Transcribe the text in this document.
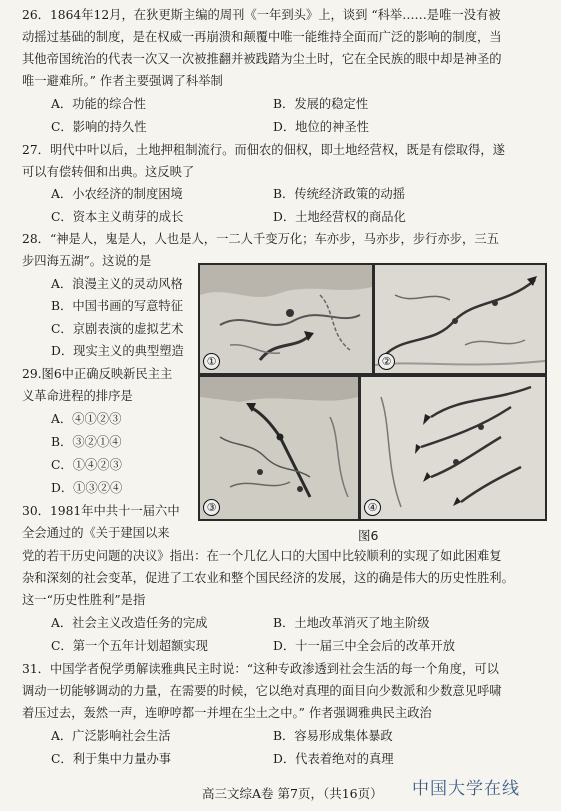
26．1864年12月，在狄更斯主编的周刊《一年到头》上，谈到 “科举……是唯一没有被
动摇过基础的制度，是在权威一再崩溃和颠覆中唯一能维持全面而广泛的影响的制度，当
其他帝国统治的代表一次又一次被推翻并被践踏为尘土时，它在全民族的眼中却是神圣的
唯一避难所。” 作者主要强调了科举制
A．功能的综合性	B．发展的稳定性
C．影响的持久性	D．地位的神圣性
27．明代中叶以后，土地押租制流行。而佃农的佃权，即土地经营权，既是有偿取得，遂
可以有偿转佃和出典。这反映了
A．小农经济的制度困境	B．传统经济政策的动摇
C．资本主义萌芽的成长	D．土地经营权的商品化
28．“神是人，鬼是人，人也是人，一二人千变万化；车亦步，马亦步，步行亦步，三五
步四海五湖”。这说的是
A．浪漫主义的灵动风格
B．中国书画的写意特征
C．京剧表演的虚拟艺术
D．现实主义的典型塑造
29.图6中正确反映新民主主
义革命进程的排序是
A．④①②③
B．③②①④
C．①④②③
D．①③②④
①	②
③	④
图6
30．1981年中共十一届六中
全会通过的《关于建国以来
党的若干历史问题的决议》指出：在一个几亿人口的大国中比较顺利的实现了如此困难复
杂和深刻的社会变革，促进了工农业和整个国民经济的发展，这的确是伟大的历史性胜利。
这一“历史性胜利”是指
A．社会主义改造任务的完成	B．土地改革消灭了地主阶级
C．第一个五年计划超额实现	D．十一届三中全会后的改革开放
31．中国学者倪学勇解读雅典民主时说：“这种专政渗透到社会生活的每一个角度，可以
调动一切能够调动的力量，在需要的时候，它以绝对真理的面目向少数派和少数意见呼啸
着压过去，轰然一声，连咿哼都一并埋在尘土之中。” 作者强调雅典民主政治
A．广泛影响社会生活	B．容易形成集体暴政
C．利于集中力量办事	D．代表着绝对的真理
高三文综A卷 第7页，（共16页） 中国大学在线
